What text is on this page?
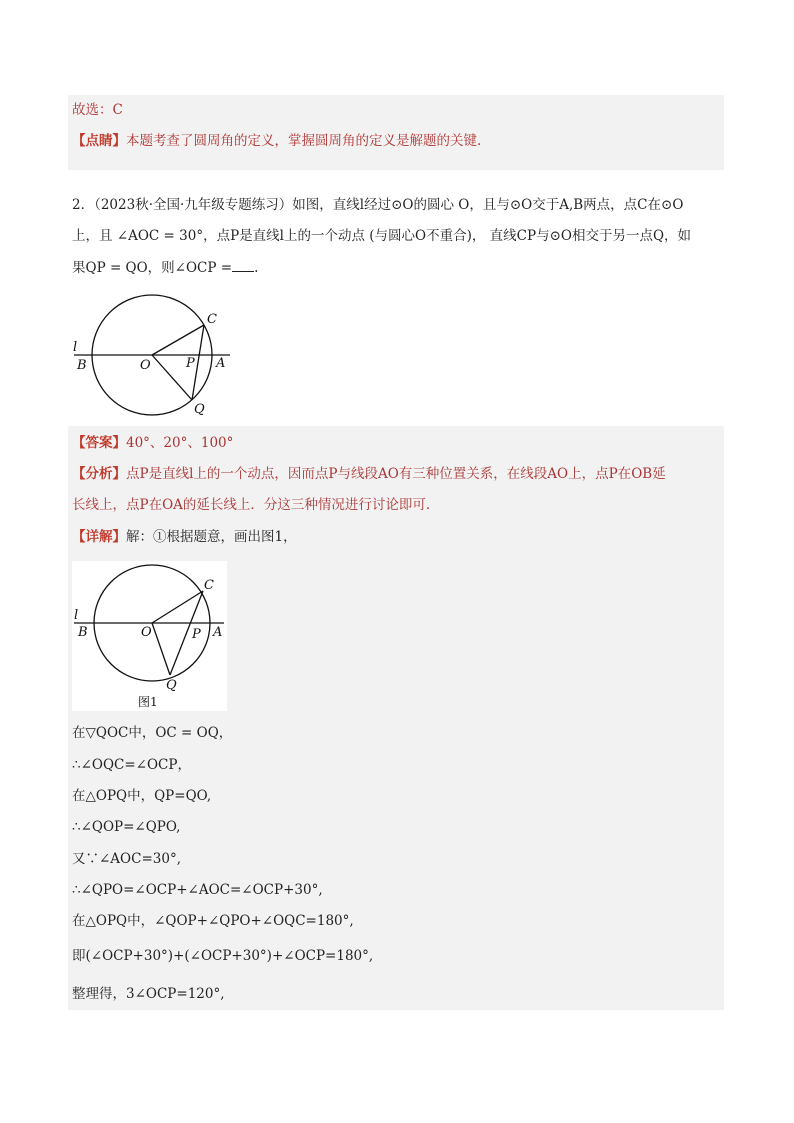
故选：C
【点睛】本题考查了圆周角的定义，掌握圆周角的定义是解题的关键.
2．（2023秋·全国·九年级专题练习）如图，直线l经过⊙O的圆心 O，且与⊙O交于A,B两点，点C在⊙O
上，且 ∠AOC = 30°，点P是直线l上的一个动点 (与圆心O不重合)， 直线CP与⊙O相交于另一点Q，如
果QP = QO，则∠OCP = .
l
B	O	P A
C
Q
【答案】40°、20°、100°
【分析】点P是直线l上的一个动点，因而点P与线段AO有三种位置关系，在线段AO上，点P在OB延
长线上，点P在OA的延长线上．分这三种情况进行讨论即可．
【详解】解：①根据题意，画出图1，
l
B	O	P A
C
Q
图1
在▽QOC中，OC = OQ，
∴∠OQC=∠OCP，
在△OPQ中，QP=QO,
∴∠QOP=∠QPO,
又∵∠AOC=30°,
∴∠QPO=∠OCP+∠AOC=∠OCP+30°,
在△OPQ中，∠QOP+∠QPO+∠OQC=180°,
即(∠OCP+30°)+(∠OCP+30°)+∠OCP=180°,
整理得，3∠OCP=120°,
